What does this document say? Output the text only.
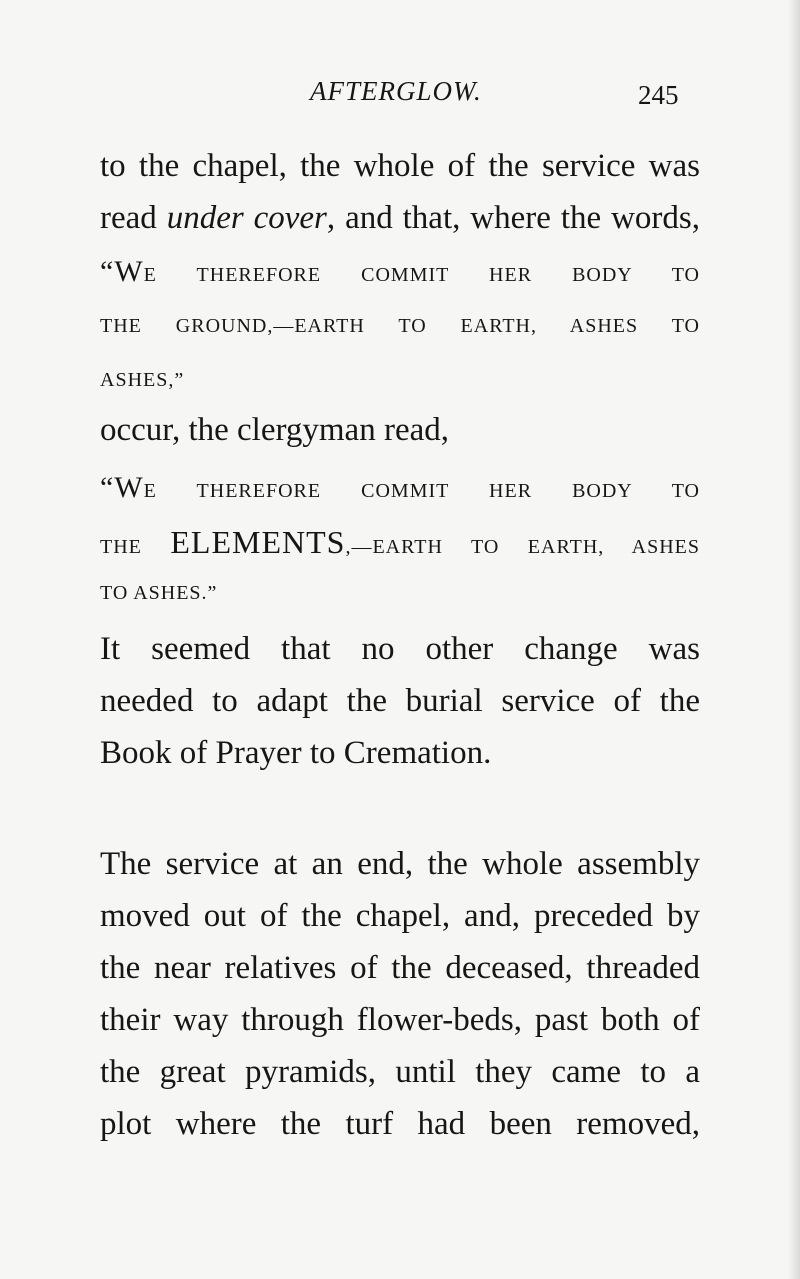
AFTERGLOW.	245
to the chapel, the whole of the service was
read under cover, and that, where the words,
“WE THEREFORE COMMIT HER BODY TO
THE GROUND,—EARTH TO EARTH, ASHES TO
ASHES,”
occur, the clergyman read,
“WE THEREFORE COMMIT HER BODY TO
THE ELEMENTS,—EARTH TO EARTH, ASHES
TO ASHES.”
It seemed that no other change was
needed to adapt the burial service of the
Book of Prayer to Cremation.
The service at an end, the whole assembly
moved out of the chapel, and, preceded by
the near relatives of the deceased, threaded
their way through flower-beds, past both of
the great pyramids, until they came to a
plot where the turf had been removed,
